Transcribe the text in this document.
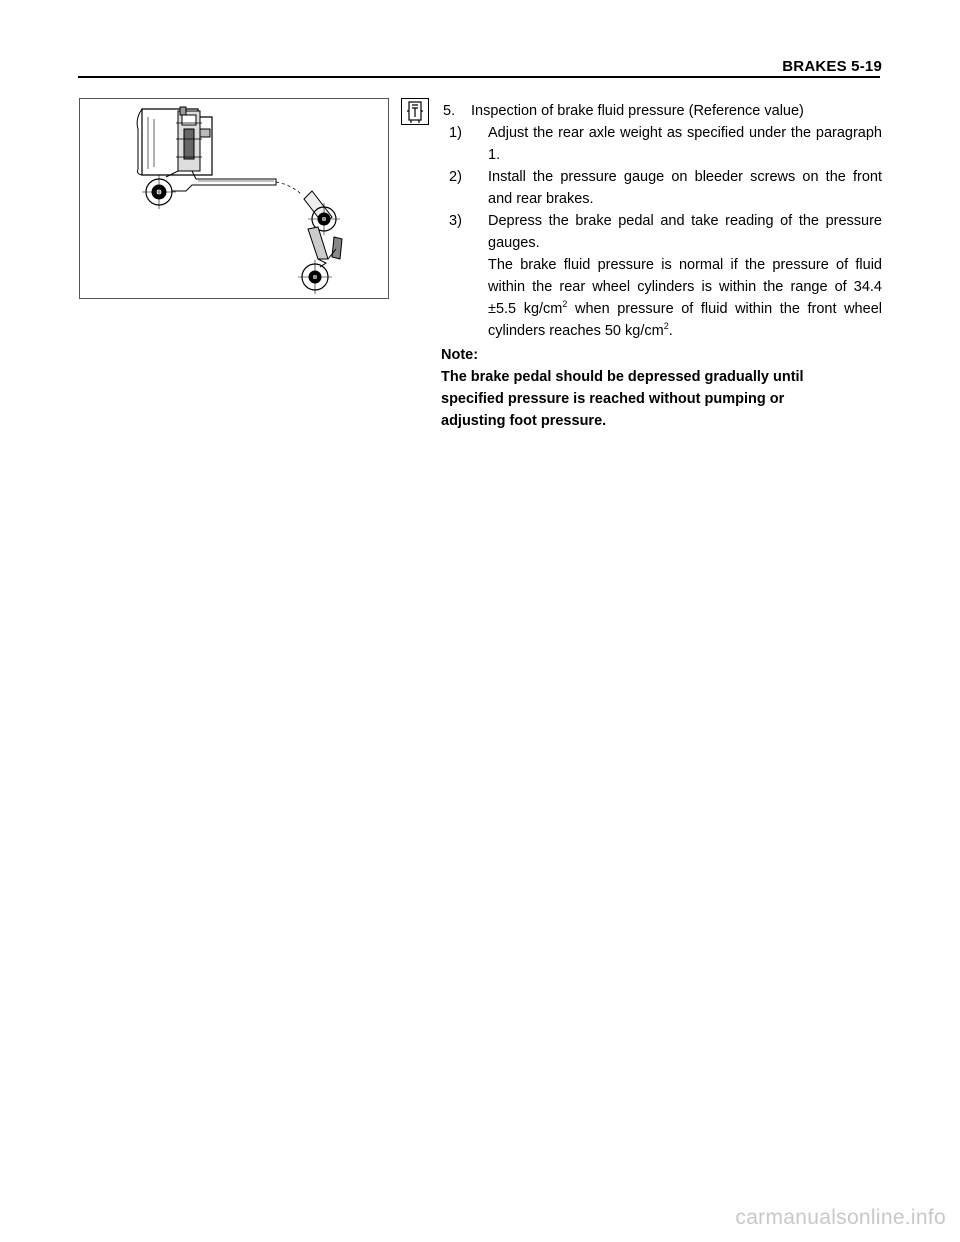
BRAKES 5-19
5. Inspection of brake fluid pressure (Reference value)
1) Adjust the rear axle weight as specified under the paragraph 1.
2) Install the pressure gauge on bleeder screws on the front and rear brakes.
3) Depress the brake pedal and take reading of the pressure gauges.
The brake fluid pressure is normal if the pressure of fluid within the rear wheel cylinders is within the range of 34.4 ±5.5 $kg/cm^2$ when pressure of fluid within the front wheel cylinders reaches 50 $kg/cm^2$.
Note:
The brake pedal should be depressed gradually until specified pressure is reached without pumping or adjusting foot pressure.
carmanualsonline.info
